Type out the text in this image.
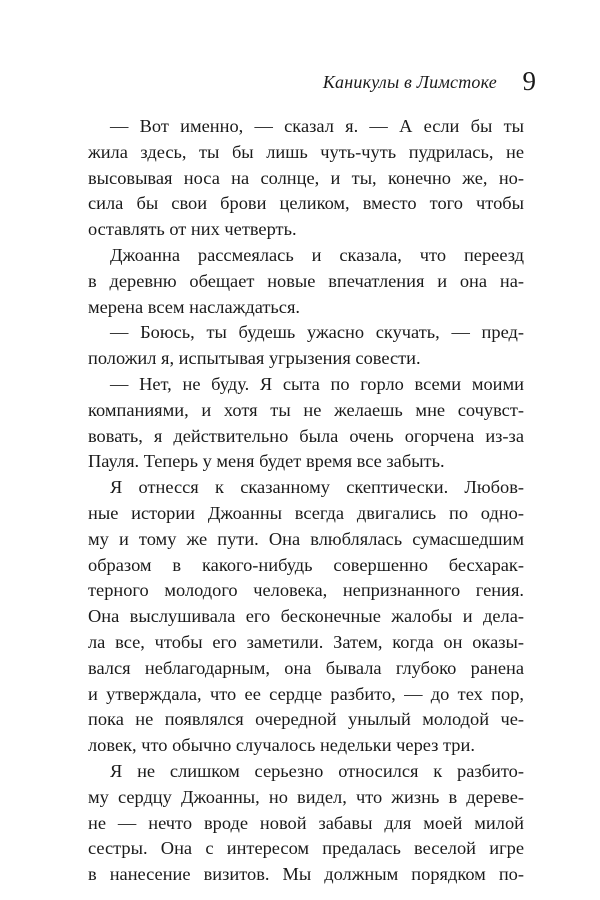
Каникулы в Лимстоке 9
— Вот именно, — сказал я. — А если бы ты
жила здесь, ты бы лишь чуть-чуть пудрилась, не
высовывая носа на солнце, и ты, конечно же, но-
сила бы свои брови целиком, вместо того чтобы
оставлять от них четверть.
Джоанна рассмеялась и сказала, что переезд
в деревню обещает новые впечатления и она на-
мерена всем наслаждаться.
— Боюсь, ты будешь ужасно скучать, — пред-
положил я, испытывая угрызения совести.
— Нет, не буду. Я сыта по горло всеми моими
компаниями, и хотя ты не желаешь мне сочувст-
вовать, я действительно была очень огорчена из-за
Пауля. Теперь у меня будет время все забыть.
Я отнесся к сказанному скептически. Любов-
ные истории Джоанны всегда двигались по одно-
му и тому же пути. Она влюблялась сумасшедшим
образом в какого-нибудь совершенно бесхарак-
терного молодого человека, непризнанного гения.
Она выслушивала его бесконечные жалобы и дела-
ла все, чтобы его заметили. Затем, когда он оказы-
вался неблагодарным, она бывала глубоко ранена
и утверждала, что ее сердце разбито, — до тех пор,
пока не появлялся очередной унылый молодой че-
ловек, что обычно случалось недельки через три.
Я не слишком серьезно относился к разбито-
му сердцу Джоанны, но видел, что жизнь в дереве-
не — нечто вроде новой забавы для моей милой
сестры. Она с интересом предалась веселой игре
в нанесение визитов. Мы должным порядком по-
